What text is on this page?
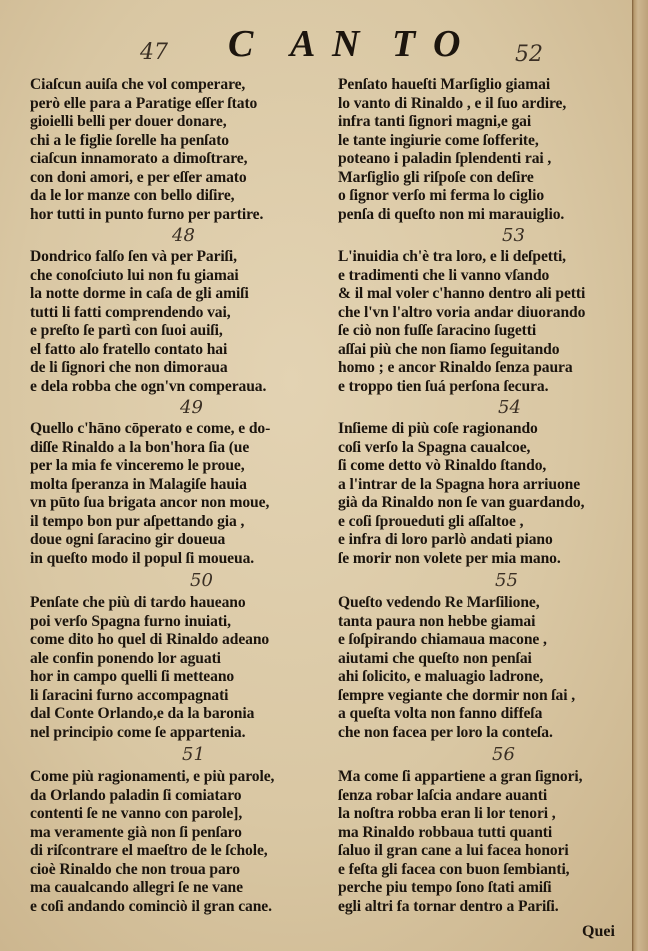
47	52
C A N T O
Ciaſcun auiſa che vol comperare,
però elle para a Paratige eſſer ſtato
gioielli belli per douer donare,
chi a le figlie ſorelle ha penſato
ciaſcun innamorato a dimoſtrare,
con doni amori, e per eſſer amato
da le lor manze con bello diſire,
hor tutti in punto furno per partire.
48
Dondrico falſo ſen và per Pariſi,
che conoſciuto lui non fu giamai
la notte dorme in caſa de gli amiſi
tutti li fatti comprendendo vai,
e preſto ſe partì con ſuoi auiſi,
el fatto alo fratello contato hai
de li ſignori che non dimoraua
e dela robba che ogn'vn comperaua.
49
Quello c'hāno cōperato e come, e do-
diſſe Rinaldo a la bon'hora ſia (ue
per la mia fe vinceremo le proue,
molta ſperanza in Malagiſe hauia
vn pūto ſua brigata ancor non moue,
il tempo bon pur aſpettando gia ,
doue ogni ſaracino gir doueua
in queſto modo il popul ſi moueua.
50
Penſate che più di tardo haueano
poi verſo Spagna furno inuiati,
come dito ho quel di Rinaldo adeano
ale confin ponendo lor aguati
hor in campo quelli ſi metteano
li ſaracini furno accompagnati
dal Conte Orlando,e da la baronia
nel principio come ſe appartenia.
51
Come più ragionamenti, e più parole,
da Orlando paladin ſi comiataro
contenti ſe ne vanno con parole],
ma veramente già non ſi penſaro
di riſcontrare el maeſtro de le ſchole,
cioè Rinaldo che non troua paro
ma caualcando allegri ſe ne vane
e coſi andando cominciò il gran cane.
Penſato haueſti Marſiglio giamai
lo vanto di Rinaldo , e il ſuo ardire,
infra tanti ſignori magni,e gai
le tante ingiurie come ſofferite,
poteano i paladin ſplendenti rai ,
Marſiglio gli riſpoſe con deſire
o ſignor verſo mi ferma lo ciglio
penſa di queſto non mi marauiglio.
53
L'inuidia ch'è tra loro, e li deſpetti,
e tradimenti che li vanno vſando
& il mal voler c'hanno dentro ali petti
che l'vn l'altro voria andar diuorando
ſe ciò non fuſſe ſaracino ſugetti
aſſai più che non ſiamo ſeguitando
homo ; e ancor Rinaldo ſenza paura
e troppo tien ſuá perſona ſecura.
54
Inſieme di più coſe ragionando
coſi verſo la Spagna caualcoe,
ſi come detto vò Rinaldo ſtando,
a l'intrar de la Spagna hora arriuone
già da Rinaldo non ſe van guardando,
e coſi ſproueduti gli aſſaltoe ,
e infra di loro parlò andati piano
ſe morir non volete per mia mano.
55
Queſto vedendo Re Marſilione,
tanta paura non hebbe giamai
e ſoſpirando chiamaua macone ,
aiutami che queſto non penſai
ahi ſolicito, e maluagio ladrone,
ſempre vegiante che dormir non ſai ,
a queſta volta non fanno diffeſa
che non facea per loro la conteſa.
56
Ma come ſi appartiene a gran ſignori,
ſenza robar laſcia andare auanti
la noſtra robba eran li lor tenori ,
ma Rinaldo robbaua tutti quanti
ſaluo il gran cane a lui facea honori
e feſta gli facea con buon ſembianti,
perche piu tempo ſono ſtati amiſi
egli altri fa tornar dentro a Pariſi.
Quei
